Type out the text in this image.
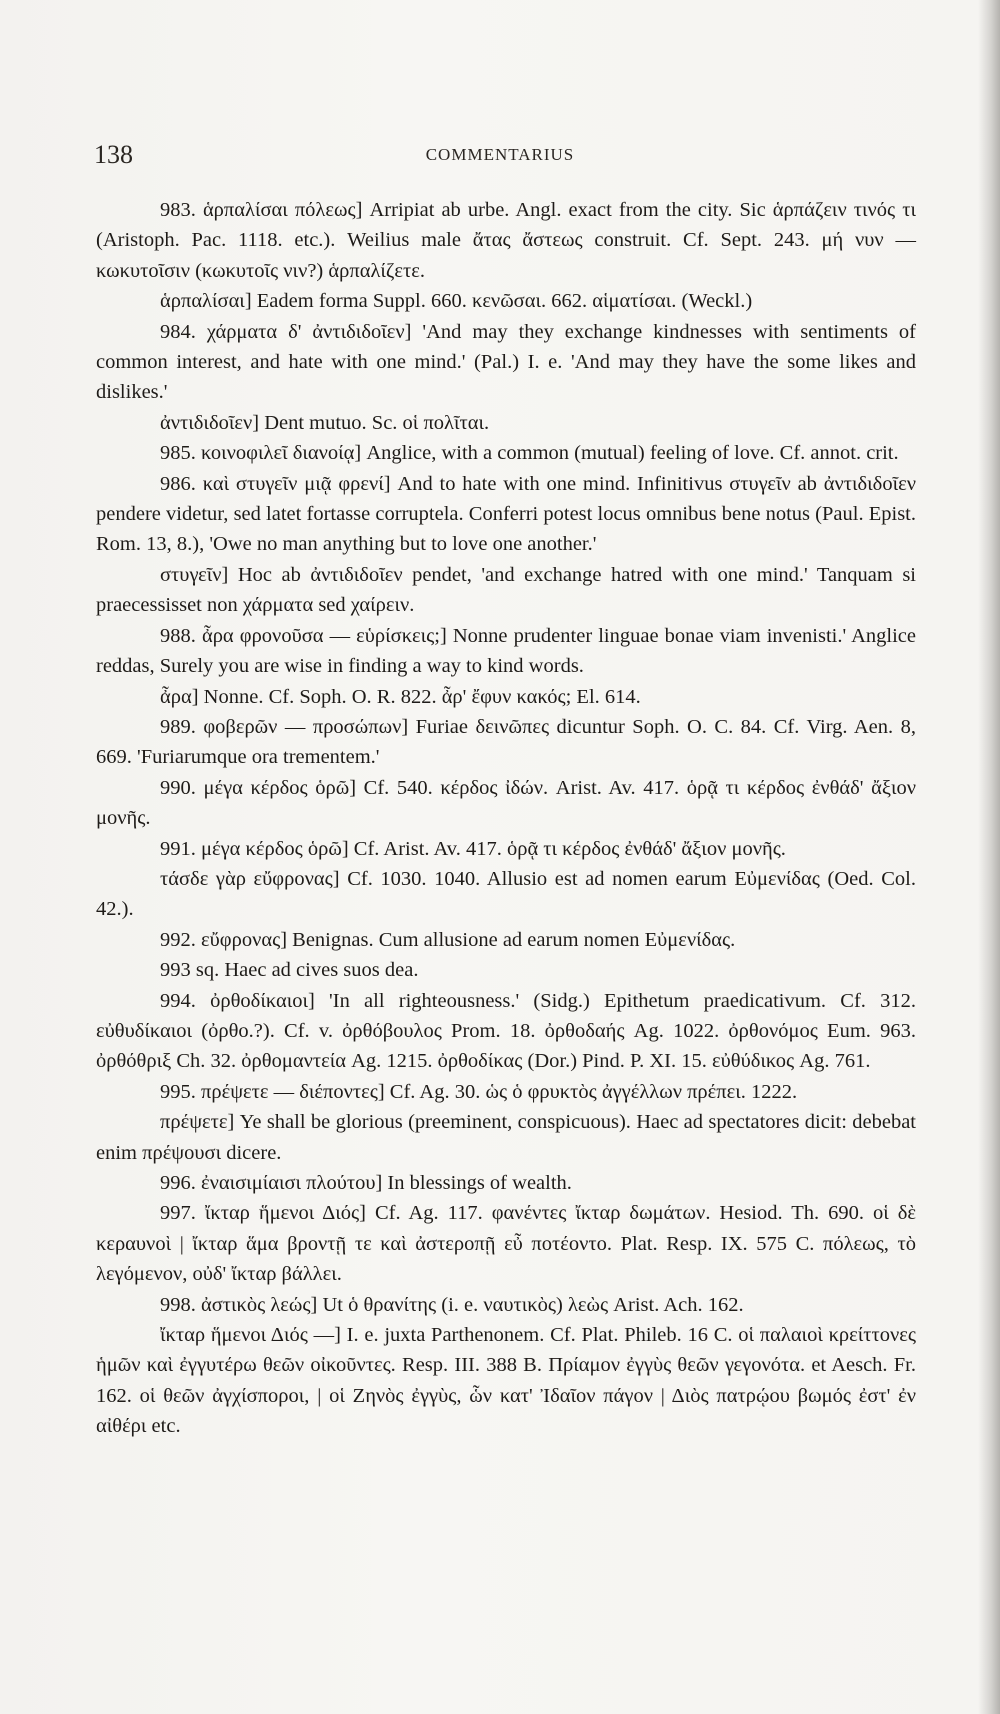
138	COMMENTARIUS

983. ἁρπαλίσαι πόλεως] Arripiat ab urbe. Angl. exact from the city. Sic ἁρπάζειν τινός τι (Aristoph. Pac. 1118. etc.). Weilius male ἄτας ἄστεως construit. Cf. Sept. 243. μή νυν — κωκυτοῖσιν (κωκυτοῖς νιν?) ἁρπαλίζετε.

ἁρπαλίσαι] Eadem forma Suppl. 660. κενῶσαι. 662. αἱματίσαι. (Weckl.)

984. χάρματα δ' ἀντιδιδοῖεν] 'And may they exchange kindnesses with sentiments of common interest, and hate with one mind.' (Pal.) I. e. 'And may they have the some likes and dislikes.'

ἀντιδιδοῖεν] Dent mutuo. Sc. οἱ πολῖται.

985. κοινοφιλεῖ διανοίᾳ] Anglice, with a common (mutual) feeling of love. Cf. annot. crit.

986. καὶ στυγεῖν μιᾷ φρενί] And to hate with one mind. Infinitivus στυγεῖν ab ἀντιδιδοῖεν pendere videtur, sed latet fortasse corruptela. Conferri potest locus omnibus bene notus (Paul. Epist. Rom. 13, 8.), 'Owe no man anything but to love one another.'

στυγεῖν] Hoc ab ἀντιδιδοῖεν pendet, 'and exchange hatred with one mind.' Tanquam si praecessisset non χάρματα sed χαίρειν.

988. ἆρα φρονοῦσα — εὑρίσκεις;] Nonne prudenter linguae bonae viam invenisti.' Anglice reddas, Surely you are wise in finding a way to kind words.

ἆρα] Nonne. Cf. Soph. O. R. 822. ἆρ' ἔφυν κακός; El. 614.

989. φοβερῶν — προσώπων] Furiae δεινῶπες dicuntur Soph. O. C. 84. Cf. Virg. Aen. 8, 669. 'Furiarumque ora trementem.'

990. μέγα κέρδος ὁρῶ] Cf. 540. κέρδος ἰδών. Arist. Av. 417. ὁρᾷ τι κέρδος ἐνθάδ' ἄξιον μονῆς.

991. μέγα κέρδος ὁρῶ] Cf. Arist. Av. 417. ὁρᾷ τι κέρδος ἐνθάδ' ἄξιον μονῆς.

τάσδε γὰρ εὔφρονας] Cf. 1030. 1040. Allusio est ad nomen earum Εὐμενίδας (Oed. Col. 42.).

992. εὔφρονας] Benignas. Cum allusione ad earum nomen Εὐμενίδας.

993 sq. Haec ad cives suos dea.

994. ὀρθοδίκαιοι] 'In all righteousness.' (Sidg.) Epithetum praedicativum. Cf. 312. εὐθυδίκαιοι (ὀρθο.?). Cf. v. ὀρθόβουλος Prom. 18. ὀρθοδαής Ag. 1022. ὀρθονόμος Eum. 963. ὀρθόθριξ Ch. 32. ὀρθομαντεία Ag. 1215. ὀρθοδίκας (Dor.) Pind. P. XI. 15. εὐθύδικος Ag. 761.

995. πρέψετε — διέποντες] Cf. Ag. 30. ὡς ὁ φρυκτὸς ἀγγέλλων πρέπει. 1222.

πρέψετε] Ye shall be glorious (preeminent, conspicuous). Haec ad spectatores dicit: debebat enim πρέψουσι dicere.

996. ἐναισιμίαισι πλούτου] In blessings of wealth.

997. ἴκταρ ἥμενοι Διός] Cf. Ag. 117. φανέντες ἴκταρ δωμάτων. Hesiod. Th. 690. οἱ δὲ κεραυνοὶ | ἴκταρ ἅμα βροντῇ τε καὶ ἀστεροπῇ εὖ ποτέοντο. Plat. Resp. IX. 575 C. πόλεως, τὸ λεγόμενον, οὐδ' ἴκταρ βάλλει.

998. ἀστικὸς λεώς] Ut ὁ θρανίτης (i. e. ναυτικὸς) λεὼς Arist. Ach. 162.

ἴκταρ ἥμενοι Διός —] I. e. juxta Parthenonem. Cf. Plat. Phileb. 16 C. οἱ παλαιοὶ κρείττονες ἡμῶν καὶ ἐγγυτέρω θεῶν οἰκοῦντες. Resp. III. 388 B. Πρίαμον ἐγγὺς θεῶν γεγονότα. et Aesch. Fr. 162. οἱ θεῶν ἀγχίσποροι, | οἱ Ζηνὸς ἐγγὺς, ὧν κατ' Ἰδαῖον πάγον | Διὸς πατρῴου βωμός ἐστ' ἐν αἰθέρι etc.
